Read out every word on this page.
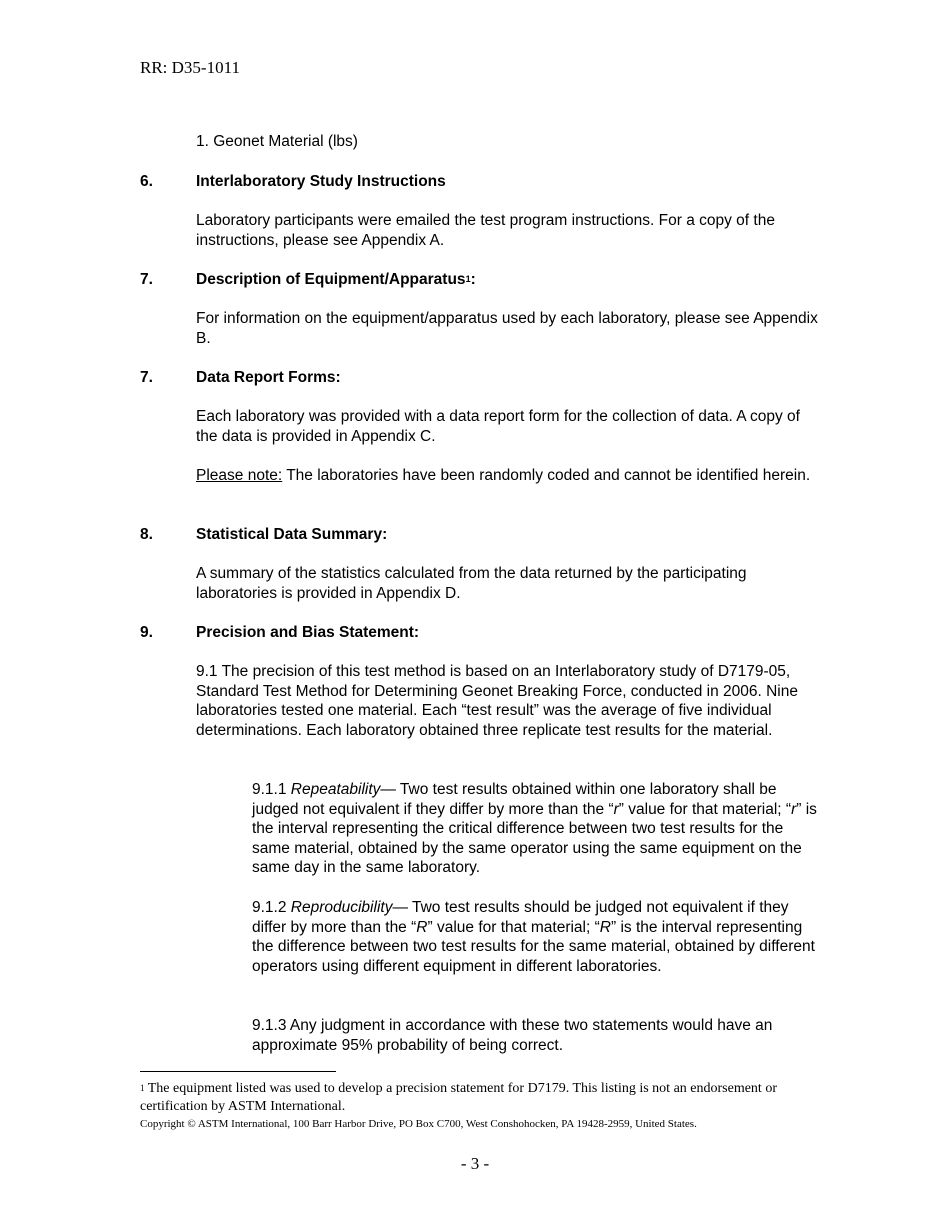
RR: D35-1011
1. Geonet Material (lbs)
6.	Interlaboratory Study Instructions
Laboratory participants were emailed the test program instructions. For a copy of the instructions, please see Appendix A.
7.	Description of Equipment/Apparatus$^1$:
For information on the equipment/apparatus used by each laboratory, please see Appendix B.
7.	Data Report Forms:
Each laboratory was provided with a data report form for the collection of data. A copy of the data is provided in Appendix C.
Please note: The laboratories have been randomly coded and cannot be identified herein.
8.	Statistical Data Summary:
A summary of the statistics calculated from the data returned by the participating laboratories is provided in Appendix D.
9.	Precision and Bias Statement:
9.1 The precision of this test method is based on an Interlaboratory study of D7179-05, Standard Test Method for Determining Geonet Breaking Force, conducted in 2006. Nine laboratories tested one material. Each “test result” was the average of five individual determinations. Each laboratory obtained three replicate test results for the material.
9.1.1 Repeatability— Two test results obtained within one laboratory shall be judged not equivalent if they differ by more than the “r” value for that material; “r” is the interval representing the critical difference between two test results for the same material, obtained by the same operator using the same equipment on the same day in the same laboratory.
9.1.2 Reproducibility— Two test results should be judged not equivalent if they differ by more than the “R” value for that material; “R” is the interval representing the difference between two test results for the same material, obtained by different operators using different equipment in different laboratories.
9.1.3 Any judgment in accordance with these two statements would have an approximate 95% probability of being correct.
$^1$ The equipment listed was used to develop a precision statement for D7179. This listing is not an endorsement or certification by ASTM International.
Copyright © ASTM International, 100 Barr Harbor Drive, PO Box C700, West Conshohocken, PA 19428-2959, United States.
- 3 -
